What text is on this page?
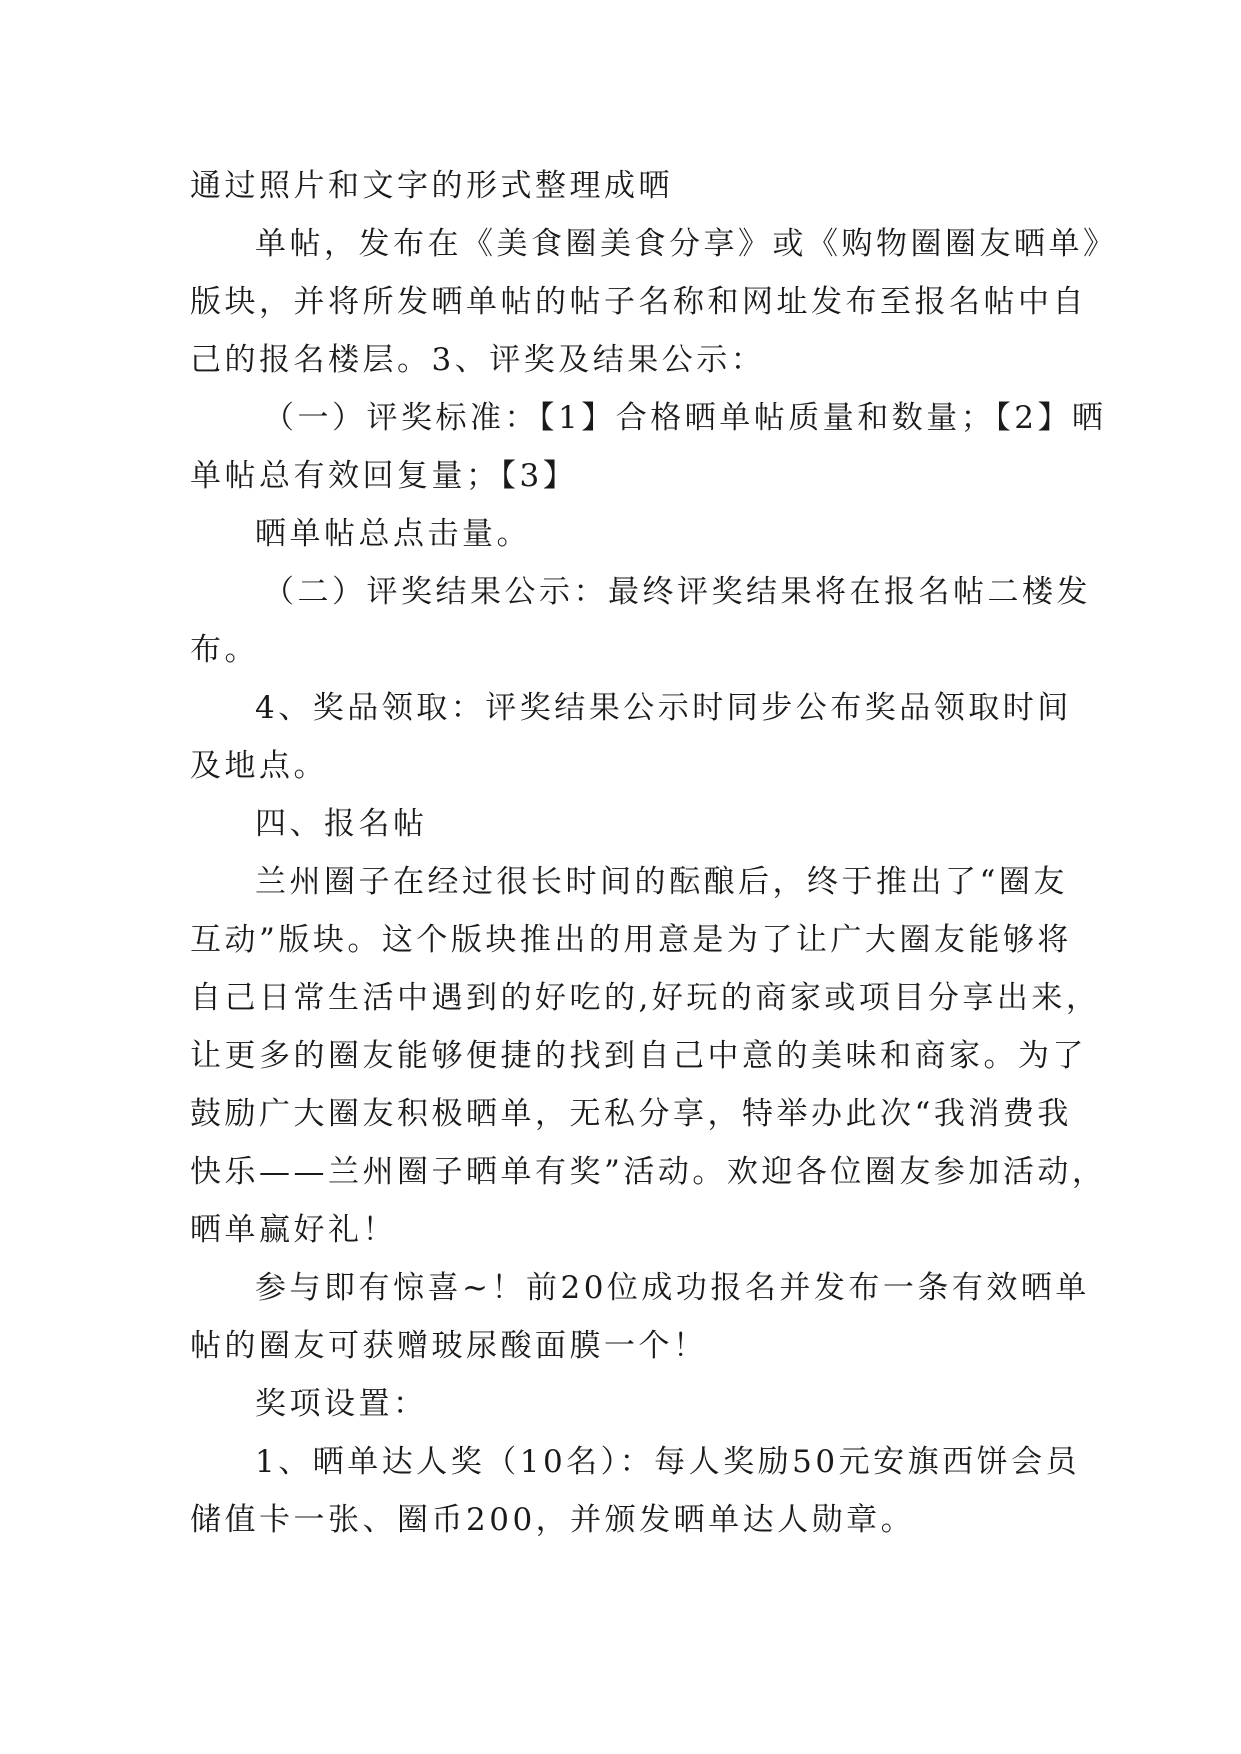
通过照片和文字的形式整理成晒
单帖，发布在《美食圈美食分享》或《购物圈圈友晒单》
版块，并将所发晒单帖的帖子名称和网址发布至报名帖中自
己的报名楼层。3、评奖及结果公示：
（一）评奖标准：【1】合格晒单帖质量和数量；【2】晒
单帖总有效回复量；【3】
晒单帖总点击量。
（二）评奖结果公示：最终评奖结果将在报名帖二楼发
布。
4、奖品领取：评奖结果公示时同步公布奖品领取时间
及地点。
四、报名帖
兰州圈子在经过很长时间的酝酿后，终于推出了“圈友
互动”版块。这个版块推出的用意是为了让广大圈友能够将
自己日常生活中遇到的好吃的,好玩的商家或项目分享出来，
让更多的圈友能够便捷的找到自己中意的美味和商家。为了
鼓励广大圈友积极晒单，无私分享，特举办此次“我消费我
快乐——兰州圈子晒单有奖”活动。欢迎各位圈友参加活动，
晒单赢好礼！
参与即有惊喜~！前20位成功报名并发布一条有效晒单
帖的圈友可获赠玻尿酸面膜一个！
奖项设置：
1、晒单达人奖（10名）：每人奖励50元安旗西饼会员
储值卡一张、圈币200，并颁发晒单达人勋章。
